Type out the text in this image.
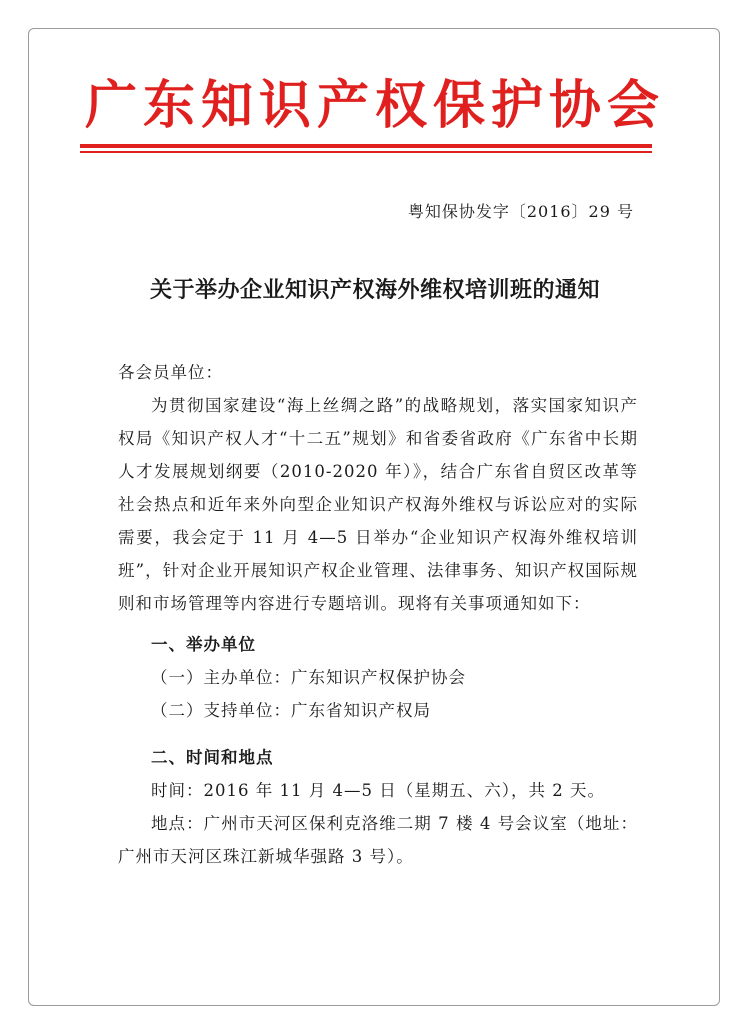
广东知识产权保护协会
粤知保协发字〔2016〕29 号
关于举办企业知识产权海外维权培训班的通知

各会员单位：

为贯彻国家建设“海上丝绸之路”的战略规划，落实国家知识产权局《知识产权人才“十二五”规划》和省委省政府《广东省中长期人才发展规划纲要（2010-2020 年）》，结合广东省自贸区改革等社会热点和近年来外向型企业知识产权海外维权与诉讼应对的实际需要，我会定于 11 月 4—5 日举办“企业知识产权海外维权培训班”，针对企业开展知识产权企业管理、法律事务、知识产权国际规则和市场管理等内容进行专题培训。现将有关事项通知如下：

一、举办单位

（一）主办单位：广东知识产权保护协会

（二）支持单位：广东省知识产权局

二、时间和地点

时间：2016 年 11 月 4—5 日（星期五、六），共 2 天。

地点：广州市天河区保利克洛维二期 7 楼 4 号会议室（地址：广州市天河区珠江新城华强路 3 号）。
